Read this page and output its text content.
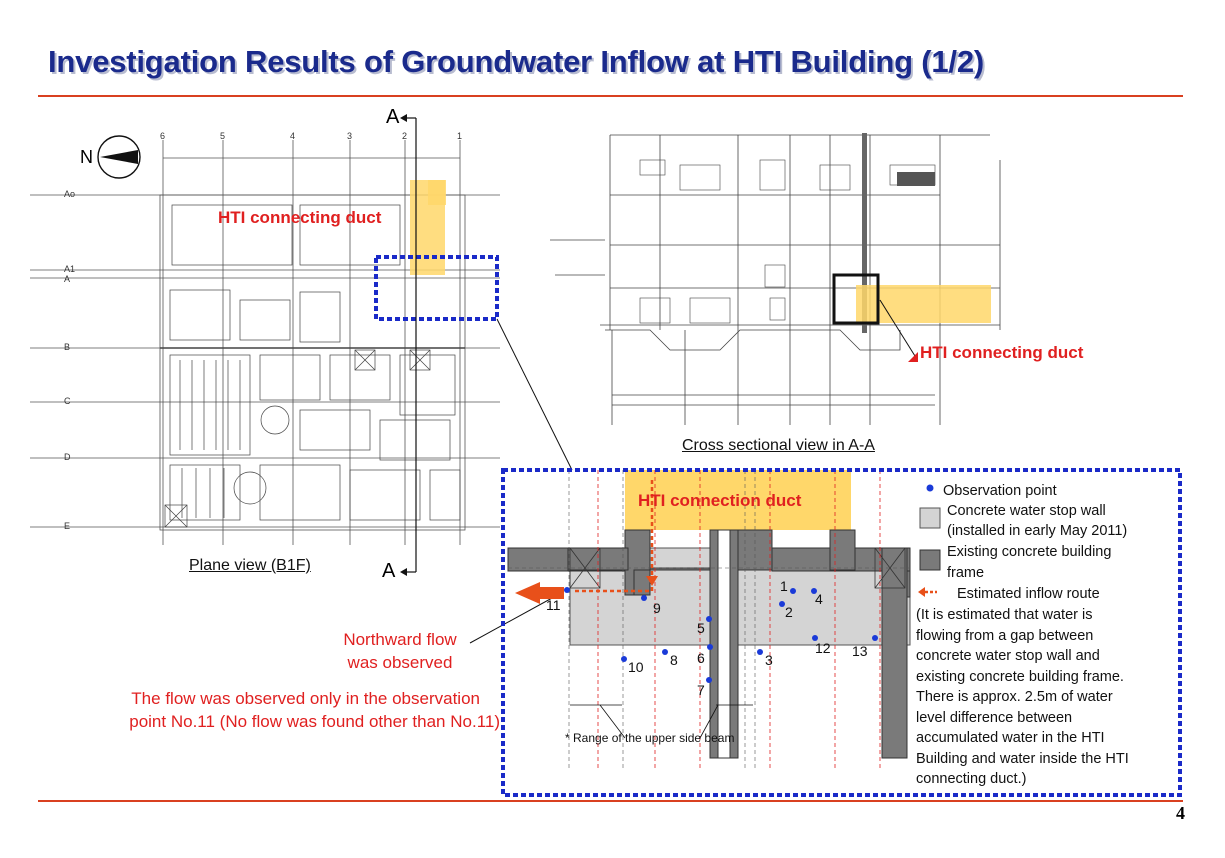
Investigation Results of Groundwater Inflow at HTI Building (1/2)
N
A
A
HTI connecting duct
Plane view (B1F)
6	5	4	3	2	1
Ao
A1
A
B
C
D
E
HTI connecting duct
Cross sectional view in A-A
HTI connection duct
1
2
3
4
5
6
7
8
9
10
11
12 13
* Range of the upper side beam
Observation point
Concrete water stop wall
(installed in early May 2011)
Existing concrete building
frame
Estimated inflow route
(It is estimated that water is
flowing from a gap between
concrete water stop wall and
existing concrete building frame.
There is approx. 2.5m of water
level difference between
accumulated water in the HTI
Building and water inside the HTI
connecting duct.)
Northward flow
was observed
The flow was observed only in the observation
point No.11 (No flow was found other than No.11)
4
